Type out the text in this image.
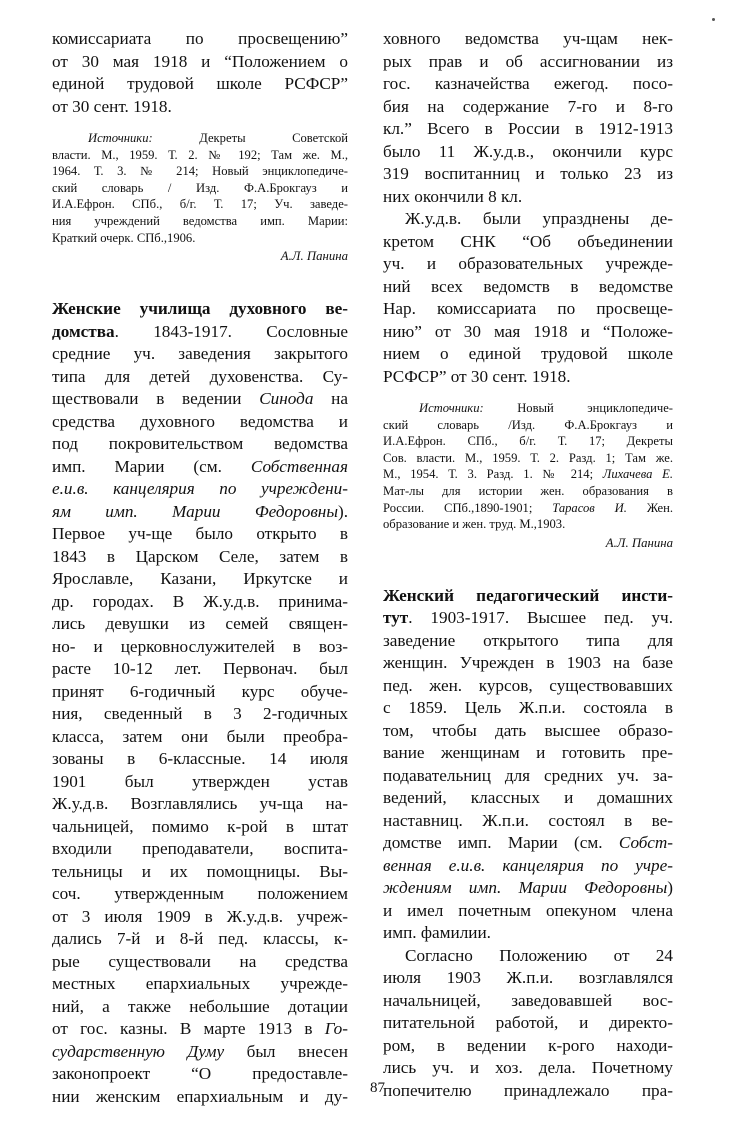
комиссариата по просвещению”
от 30 мая 1918 и “Положением о
единой трудовой школе РСФСР”
от 30 сент. 1918.
Источники: Декреты Советской
власти. М., 1959. Т. 2. № 192; Там же. М.,
1964. Т. 3. № 214; Новый энциклопедиче-
ский словарь / Изд. Ф.А.Брокгауз и
И.А.Ефрон. СПб., б/г. Т. 17; Уч. заведе-
ния учреждений ведомства имп. Марии:
Краткий очерк. СПб.,1906.
А.Л. Панина
Женские училища духовного ве-
домства. 1843-1917. Сословные
средние уч. заведения закрытого
типа для детей духовенства. Су-
ществовали в ведении Синода на
средства духовного ведомства и
под покровительством ведомства
имп. Марии (см. Собственная
е.и.в. канцелярия по учреждени-
ям имп. Марии Федоровны).
Первое уч-ще было открыто в
1843 в Царском Селе, затем в
Ярославле, Казани, Иркутске и
др. городах. В Ж.у.д.в. принима-
лись девушки из семей священ-
но- и церковнослужителей в воз-
расте 10-12 лет. Первонач. был
принят 6-годичный курс обуче-
ния, сведенный в 3 2-годичных
класса, затем они были преобра-
зованы в 6-классные. 14 июля
1901 был утвержден устав
Ж.у.д.в. Возглавлялись уч-ща на-
чальницей, помимо к-рой в штат
входили преподаватели, воспита-
тельницы и их помощницы. Вы-
соч. утвержденным положением
от 3 июля 1909 в Ж.у.д.в. учреж-
дались 7-й и 8-й пед. классы, к-
рые существовали на средства
местных епархиальных учрежде-
ний, а также небольшие дотации
от гос. казны. В марте 1913 в Го-
сударственную Думу был внесен
законопроект “О предоставле-
нии женским епархиальным и ду-
ховного ведомства уч-щам нек-
рых прав и об ассигновании из
гос. казначейства ежегод. посо-
бия на содержание 7-го и 8-го
кл.” Всего в России в 1912-1913
было 11 Ж.у.д.в., окончили курс
319 воспитанниц и только 23 из
них окончили 8 кл.
Ж.у.д.в. были упразднены де-
кретом СНК “Об объединении
уч. и образовательных учрежде-
ний всех ведомств в ведомстве
Нар. комиссариата по просвеще-
нию” от 30 мая 1918 и “Положе-
нием о единой трудовой школе
РСФСР” от 30 сент. 1918.
Источники: Новый энциклопедиче-
ский словарь /Изд. Ф.А.Брокгауз и
И.А.Ефрон. СПб., б/г. Т. 17; Декреты
Сов. власти. М., 1959. Т. 2. Разд. 1; Там же.
М., 1954. Т. 3. Разд. 1. № 214; Лихачева Е.
Мат-лы для истории жен. образования в
России. СПб.,1890-1901; Тарасов И. Жен.
образование и жен. труд. М.,1903.
А.Л. Панина
Женский педагогический инсти-
тут. 1903-1917. Высшее пед. уч.
заведение открытого типа для
женщин. Учрежден в 1903 на базе
пед. жен. курсов, существовавших
с 1859. Цель Ж.п.и. состояла в
том, чтобы дать высшее образо-
вание женщинам и готовить пре-
подавательниц для средних уч. за-
ведений, классных и домашних
наставниц. Ж.п.и. состоял в ве-
домстве имп. Марии (см. Собст-
венная е.и.в. канцелярия по учре-
ждениям имп. Марии Федоровны)
и имел почетным опекуном члена
имп. фамилии.
Согласно Положению от 24
июля 1903 Ж.п.и. возглавлялся
начальницей, заведовавшей вос-
питательной работой, и директо-
ром, в ведении к-рого находи-
лись уч. и хоз. дела. Почетному
попечителю принадлежало пра-
87
